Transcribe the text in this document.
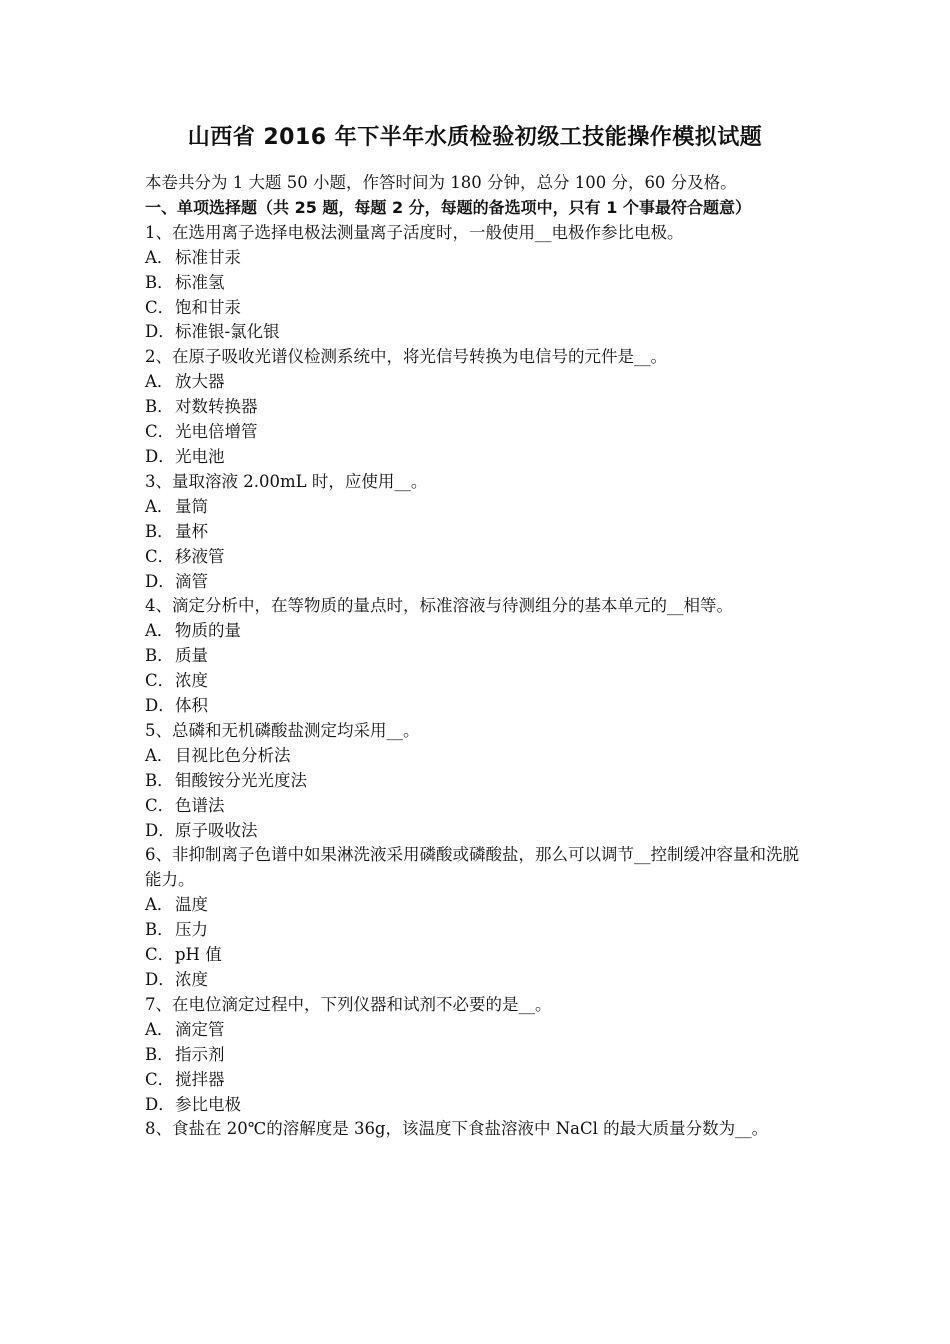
山西省 2016 年下半年水质检验初级工技能操作模拟试题
本卷共分为 1 大题 50 小题，作答时间为 180 分钟，总分 100 分，60 分及格。
一、单项选择题（共 25 题，每题 2 分，每题的备选项中，只有 1 个事最符合题意）
1、在选用离子选择电极法测量离子活度时，一般使用__电极作参比电极。
A．标准甘汞
B．标准氢
C．饱和甘汞
D．标准银-氯化银
2、在原子吸收光谱仪检测系统中，将光信号转换为电信号的元件是__。
A．放大器
B．对数转换器
C．光电倍增管
D．光电池
3、量取溶液 2.00mL 时，应使用__。
A．量筒
B．量杯
C．移液管
D．滴管
4、滴定分析中，在等物质的量点时，标准溶液与待测组分的基本单元的__相等。
A．物质的量
B．质量
C．浓度
D．体积
5、总磷和无机磷酸盐测定均采用__。
A．目视比色分析法
B．钼酸铵分光光度法
C．色谱法
D．原子吸收法
6、非抑制离子色谱中如果淋洗液采用磷酸或磷酸盐，那么可以调节__控制缓冲容量和洗脱能力。
A．温度
B．压力
C．pH 值
D．浓度
7、在电位滴定过程中，下列仪器和试剂不必要的是__。
A．滴定管
B．指示剂
C．搅拌器
D．参比电极
8、食盐在 20℃的溶解度是 36g，该温度下食盐溶液中 NaCl 的最大质量分数为__。
